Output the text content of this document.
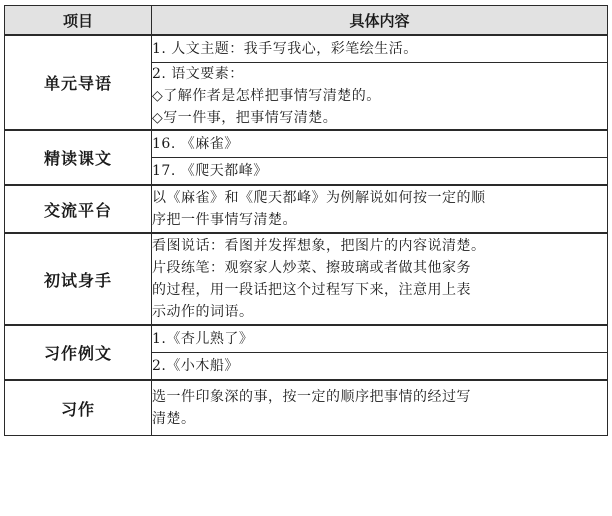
项目	具体内容
单元导语	1. 人文主题：我手写我心，彩笔绘生活。

	2. 语文要素：
◇了解作者是怎样把事情写清楚的。
◇写一件事，把事情写清楚。

精读课文	16. 《麻雀》

	17. 《爬天都峰》

交流平台	以《麻雀》和《爬天都峰》为例解说如何按一定的顺
序把一件事情写清楚。

初试身手	看图说话：看图并发挥想象，把图片的内容说清楚。
片段练笔：观察家人炒菜、擦玻璃或者做其他家务
的过程，用一段话把这个过程写下来，注意用上表
示动作的词语。

习作例文	1.《杏儿熟了》

	2.《小木船》

习作	选一件印象深的事，按一定的顺序把事情的经过写
清楚。
